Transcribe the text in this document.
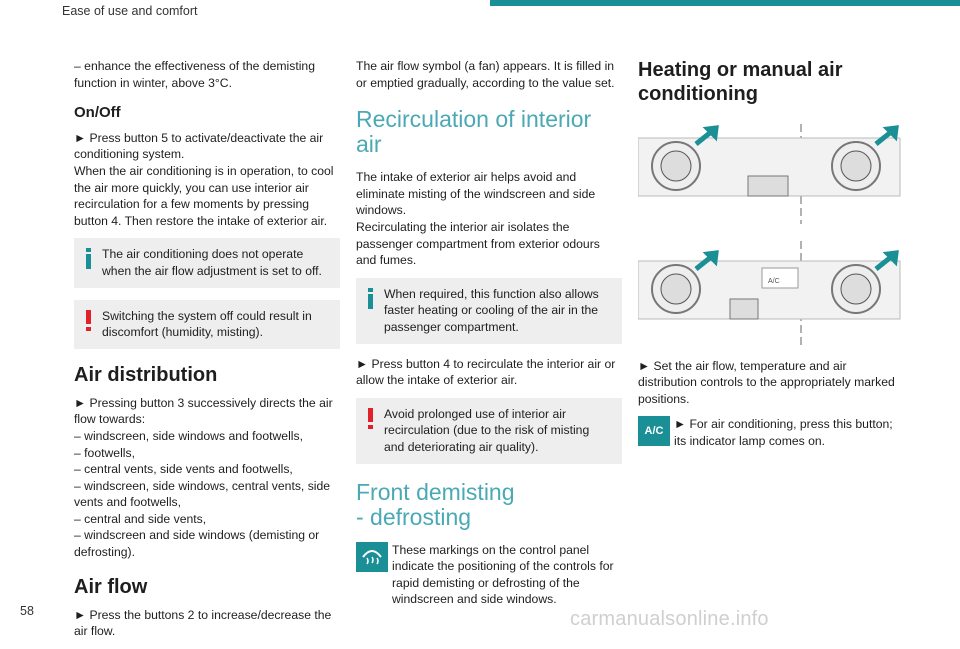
Ease of use and comfort

– enhance the effectiveness of the demisting function in winter, above 3°C.

On/Off

► Press button 5 to activate/deactivate the air conditioning system.
When the air conditioning is in operation, to cool the air more quickly, you can use interior air recirculation for a few moments by pressing button 4. Then restore the intake of exterior air.

The air conditioning does not operate when the air flow adjustment is set to off.
Switching the system off could result in discomfort (humidity, misting).
Air distribution

► Pressing button 3 successively directs the air flow towards:
– windscreen, side windows and footwells,
– footwells,
– central vents, side vents and footwells,
– windscreen, side windows, central vents, side vents and footwells,
– central and side vents,
– windscreen and side windows (demisting or defrosting).

Air flow

► Press the buttons 2 to increase/decrease the air flow.

The air flow symbol (a fan) appears. It is filled in or emptied gradually, according to the value set.

Recirculation of interior air

The intake of exterior air helps avoid and eliminate misting of the windscreen and side windows.
Recirculating the interior air isolates the passenger compartment from exterior odours and fumes.

When required, this function also allows faster heating or cooling of the air in the passenger compartment.

► Press button 4 to recirculate the interior air or allow the intake of exterior air.

Avoid prolonged use of interior air recirculation (due to the risk of misting and deteriorating air quality).
Front demisting
- defrosting
These markings on the control panel indicate the positioning of the controls for rapid demisting or defrosting of the windscreen and side windows.
Heating or manual air conditioning
A/C

► Set the air flow, temperature and air distribution controls to the appropriately marked positions.

A/C ► For air conditioning, press this button; its indicator lamp comes on.
58	carmanualsonline.info
